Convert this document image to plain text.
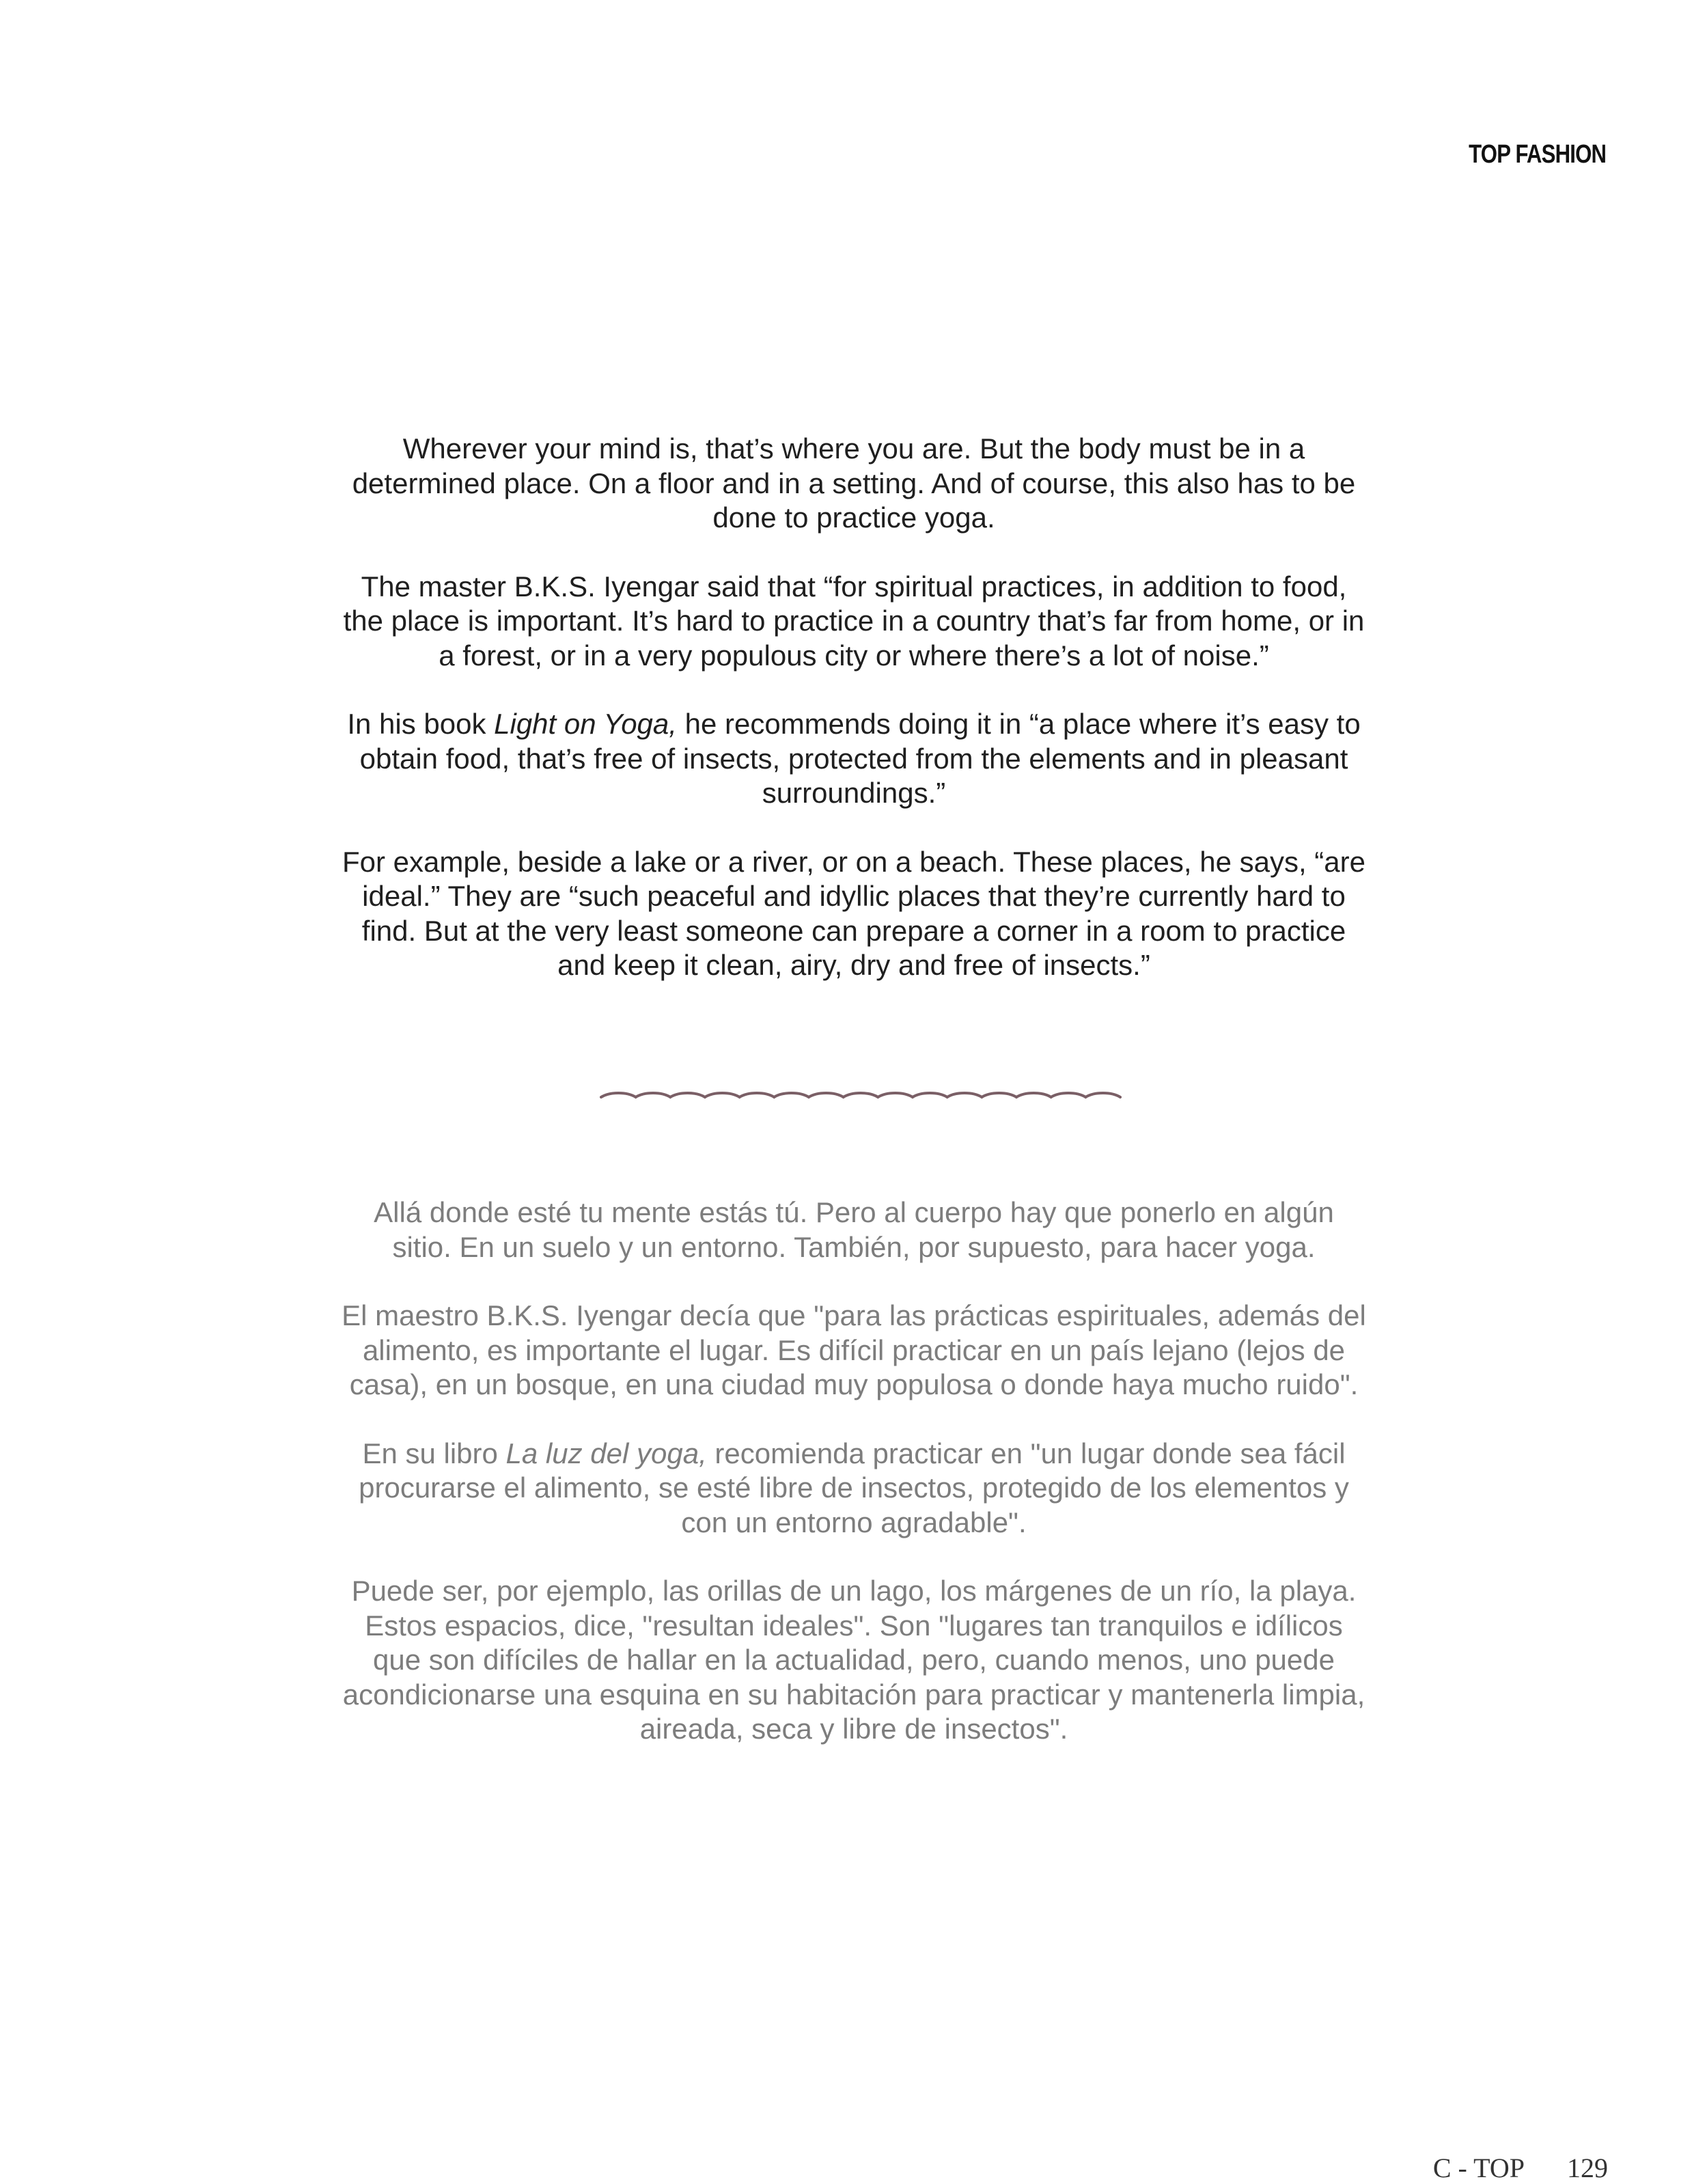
TOP FASHION

Wherever your mind is, that’s where you are. But the body must be in a determined place. On a floor and in a setting. And of course, this also has to be done to practice yoga.

The master B.K.S. Iyengar said that “for spiritual practices, in addition to food, the place is important. It’s hard to practice in a country that’s far from home, or in a forest, or in a very populous city or where there’s a lot of noise.”

In his book Light on Yoga, he recommends doing it in “a place where it’s easy to obtain food, that’s free of insects, protected from the elements and in pleasant surroundings.”

For example, beside a lake or a river, or on a beach. These places, he says, “are ideal.” They are “such peaceful and idyllic places that they’re currently hard to find. But at the very least someone can prepare a corner in a room to practice and keep it clean, airy, dry and free of insects.”

Allá donde esté tu mente estás tú. Pero al cuerpo hay que ponerlo en algún sitio. En un suelo y un entorno. También, por supuesto, para hacer yoga.

El maestro B.K.S. Iyengar decía que "para las prácticas espirituales, además del alimento, es importante el lugar. Es difícil practicar en un país lejano (lejos de casa), en un bosque, en una ciudad muy populosa o donde haya mucho ruido".

En su libro La luz del yoga, recomienda practicar en "un lugar donde sea fácil procurarse el alimento, se esté libre de insectos, protegido de los elementos y con un entorno agradable".

Puede ser, por ejemplo, las orillas de un lago, los márgenes de un río, la playa. Estos espacios, dice, "resultan ideales". Son "lugares tan tranquilos e idílicos que son difíciles de hallar en la actualidad, pero, cuando menos, uno puede acondicionarse una esquina en su habitación para practicar y mantenerla limpia, aireada, seca y libre de insectos".

C - TOP 129
